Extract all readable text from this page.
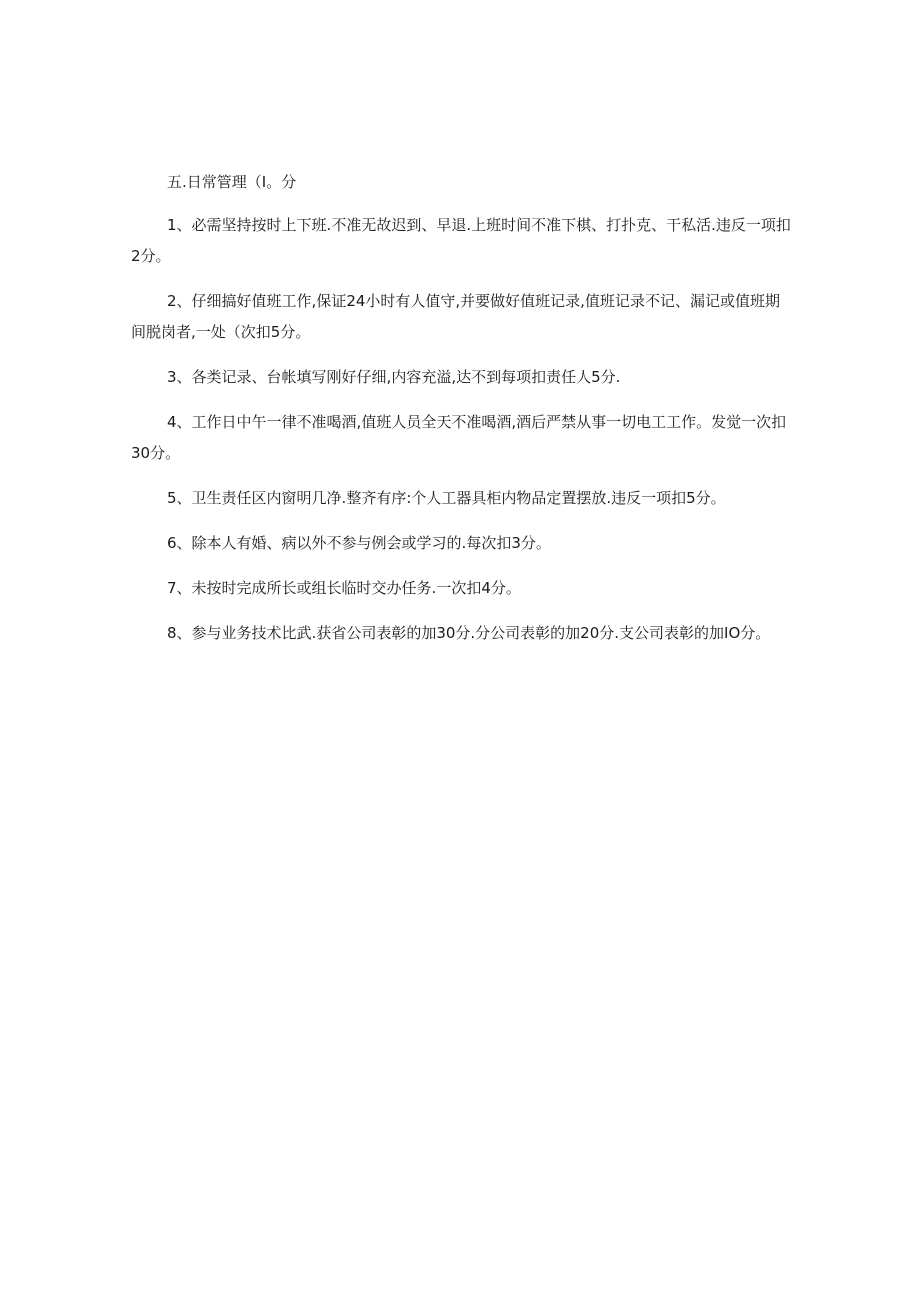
五.日常管理（I。分

1、必需坚持按时上下班.不准无故迟到、早退.上班时间不准下棋、打扑克、干私活.违反一项扣2分。

2、仔细搞好值班工作,保证24小时有人值守,并要做好值班记录,值班记录不记、漏记或值班期间脱岗者,一处（次扣5分。

3、各类记录、台帐填写刚好仔细,内容充溢,达不到每项扣责任人5分.

4、工作日中午一律不准喝酒,值班人员全天不准喝酒,酒后严禁从事一切电工工作。发觉一次扣30分。

5、卫生责任区内窗明几净.整齐有序:个人工器具柜内物品定置摆放.违反一项扣5分。

6、除本人有婚、病以外不参与例会或学习的.每次扣3分。

7、未按时完成所长或组长临时交办任务.一次扣4分。

8、参与业务技术比武.获省公司表彰的加30分.分公司表彰的加20分.支公司表彰的加IO分。
